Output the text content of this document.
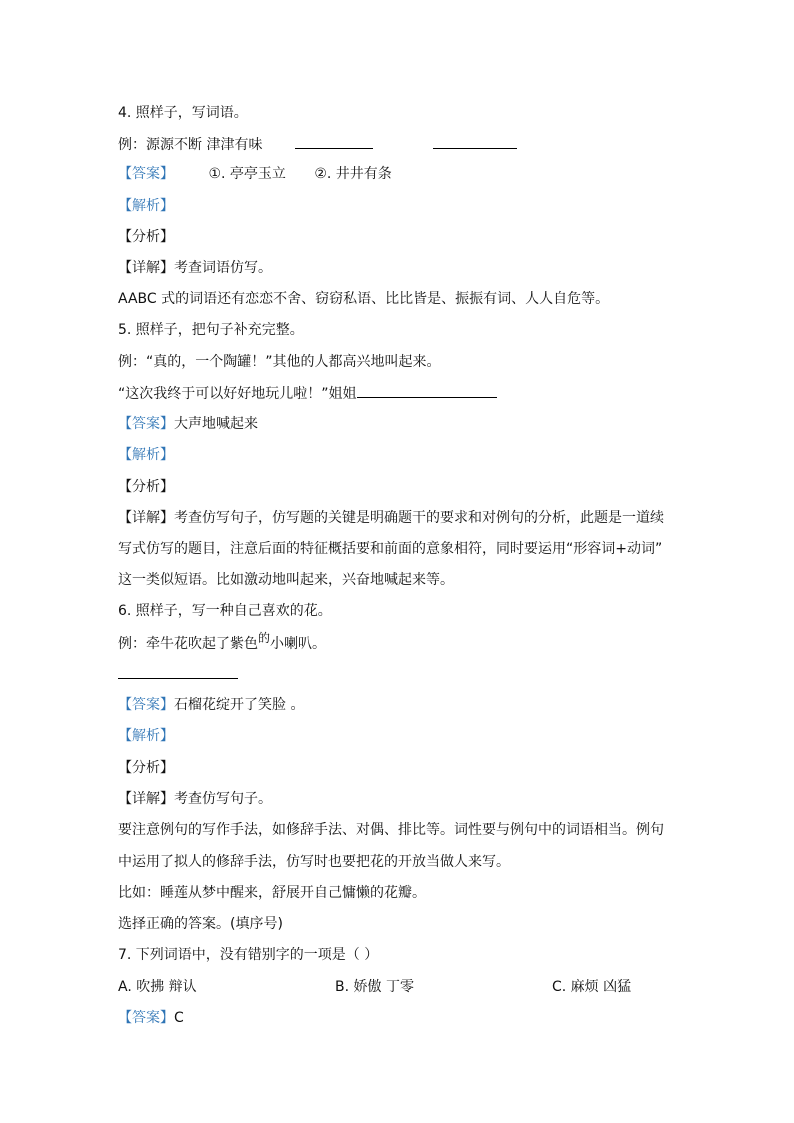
4. 照样子，写词语。
例：源源不断 津津有味
【答案】 ①. 亭亭玉立 ②. 井井有条
【解析】
【分析】
【详解】考查词语仿写。
AABC 式的词语还有恋恋不舍、窃窃私语、比比皆是、振振有词、人人自危等。
5. 照样子，把句子补充完整。
例：“真的，一个陶罐！”其他的人都高兴地叫起来。
“这次我终于可以好好地玩儿啦！”姐姐
【答案】大声地喊起来
【解析】
【分析】
【详解】考查仿写句子，仿写题的关键是明确题干的要求和对例句的分析，此题是一道续
写式仿写的题目，注意后面的特征概括要和前面的意象相符，同时要运用“形容词+动词”
这一类似短语。比如激动地叫起来，兴奋地喊起来等。
6. 照样子，写一种自己喜欢的花。
例：牵牛花吹起了紫色的小喇叭。
【答案】石榴花绽开了笑脸 。
【解析】
【分析】
【详解】考查仿写句子。
要注意例句的写作手法，如修辞手法、对偶、排比等。词性要与例句中的词语相当。例句
中运用了拟人的修辞手法，仿写时也要把花的开放当做人来写。
比如：睡莲从梦中醒来，舒展开自己慵懒的花瓣。
选择正确的答案。(填序号)
7. 下列词语中，没有错别字的一项是（ ）
A. 吹拂 辩认	B. 娇傲 丁零	C. 麻烦 凶猛
【答案】C
